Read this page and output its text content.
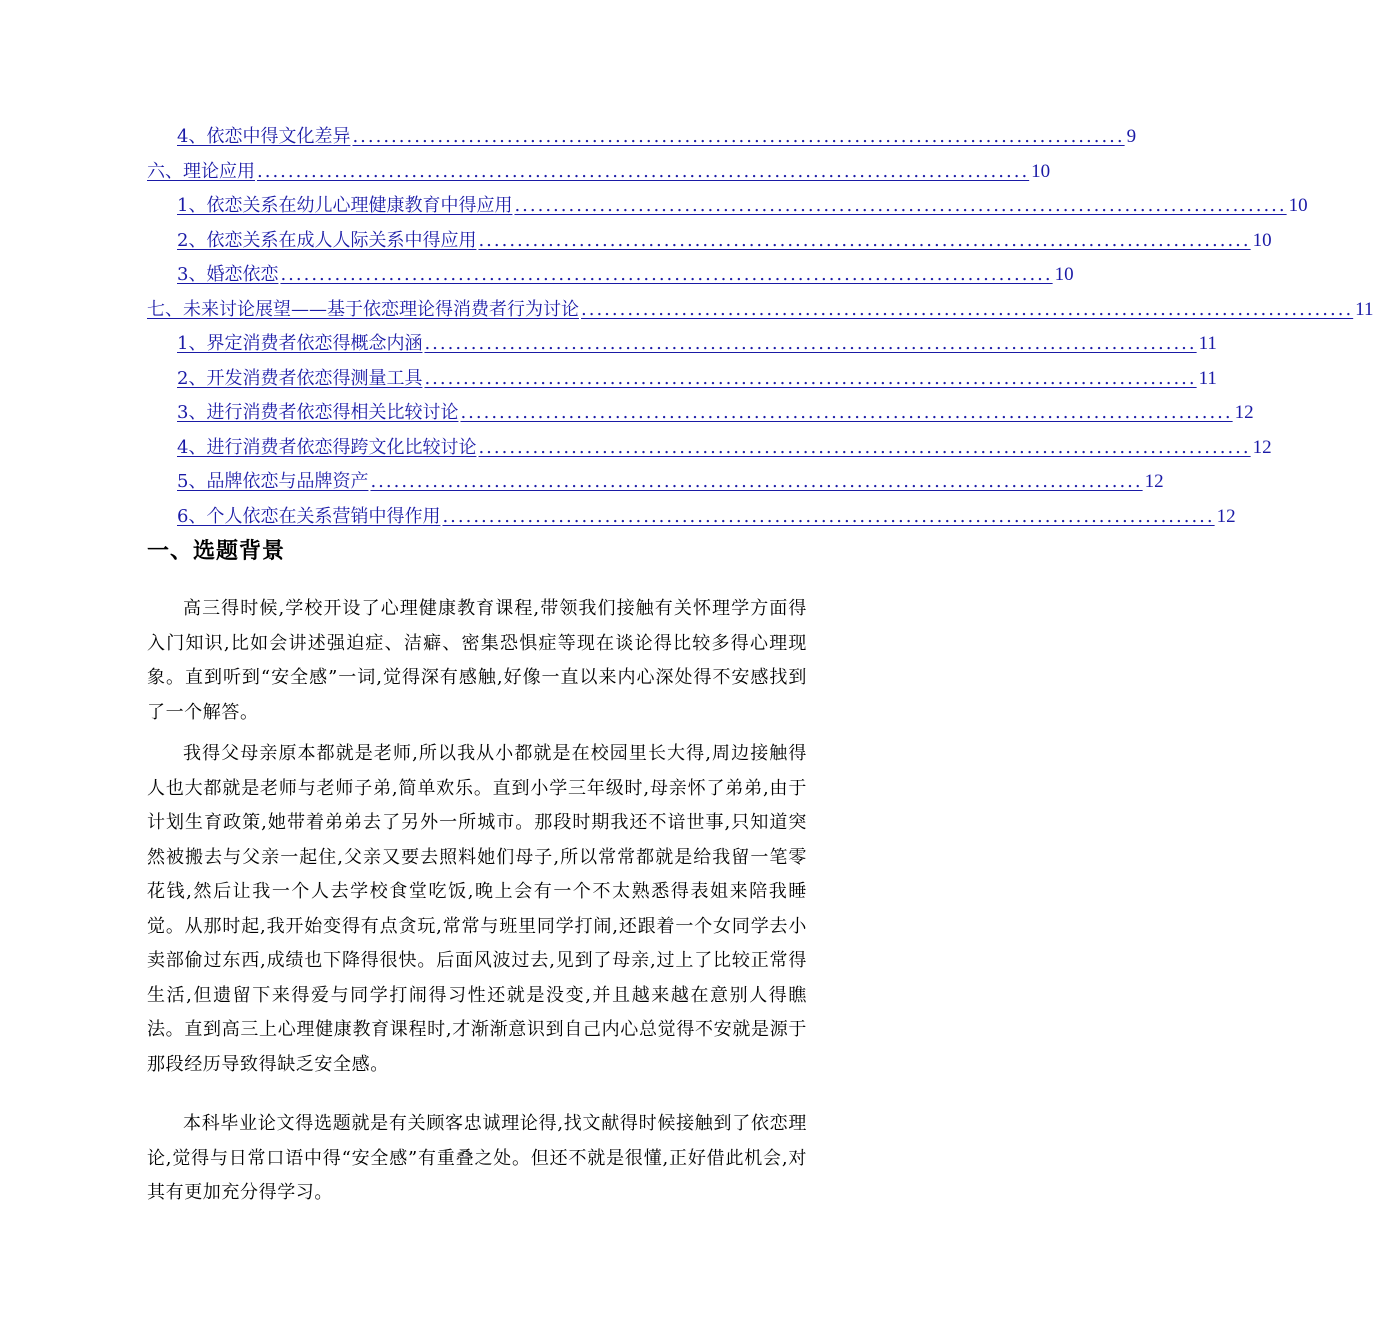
4、依恋中得文化差异 .................................................................................................... 9
六、理论应用 .................................................................................................... 10
1、依恋关系在幼儿心理健康教育中得应用 .................................................................................................... 10
2、依恋关系在成人人际关系中得应用 .................................................................................................... 10
3、婚恋依恋 .................................................................................................... 10
七、未来讨论展望——基于依恋理论得消费者行为讨论 .................................................................................................... 11
1、界定消费者依恋得概念内涵 .................................................................................................... 11
2、开发消费者依恋得测量工具 .................................................................................................... 11
3、进行消费者依恋得相关比较讨论 .................................................................................................... 12
4、进行消费者依恋得跨文化比较讨论 .................................................................................................... 12
5、品牌依恋与品牌资产 .................................................................................................... 12
6、个人依恋在关系营销中得作用 .................................................................................................... 12
一、选题背景

高三得时候,学校开设了心理健康教育课程,带领我们接触有关怀理学方面得入门知识,比如会讲述强迫症、洁癖、密集恐惧症等现在谈论得比较多得心理现象。直到听到“安全感”一词,觉得深有感触,好像一直以来内心深处得不安感找到了一个解答。

我得父母亲原本都就是老师,所以我从小都就是在校园里长大得,周边接触得人也大都就是老师与老师子弟,简单欢乐。直到小学三年级时,母亲怀了弟弟,由于计划生育政策,她带着弟弟去了另外一所城市。那段时期我还不谙世事,只知道突然被搬去与父亲一起住,父亲又要去照料她们母子,所以常常都就是给我留一笔零花钱,然后让我一个人去学校食堂吃饭,晚上会有一个不太熟悉得表姐来陪我睡觉。从那时起,我开始变得有点贪玩,常常与班里同学打闹,还跟着一个女同学去小卖部偷过东西,成绩也下降得很快。后面风波过去,见到了母亲,过上了比较正常得生活,但遗留下来得爱与同学打闹得习性还就是没变,并且越来越在意别人得瞧法。直到高三上心理健康教育课程时,才渐渐意识到自己内心总觉得不安就是源于那段经历导致得缺乏安全感。

本科毕业论文得选题就是有关顾客忠诚理论得,找文献得时候接触到了依恋理论,觉得与日常口语中得“安全感”有重叠之处。但还不就是很懂,正好借此机会,对其有更加充分得学习。
